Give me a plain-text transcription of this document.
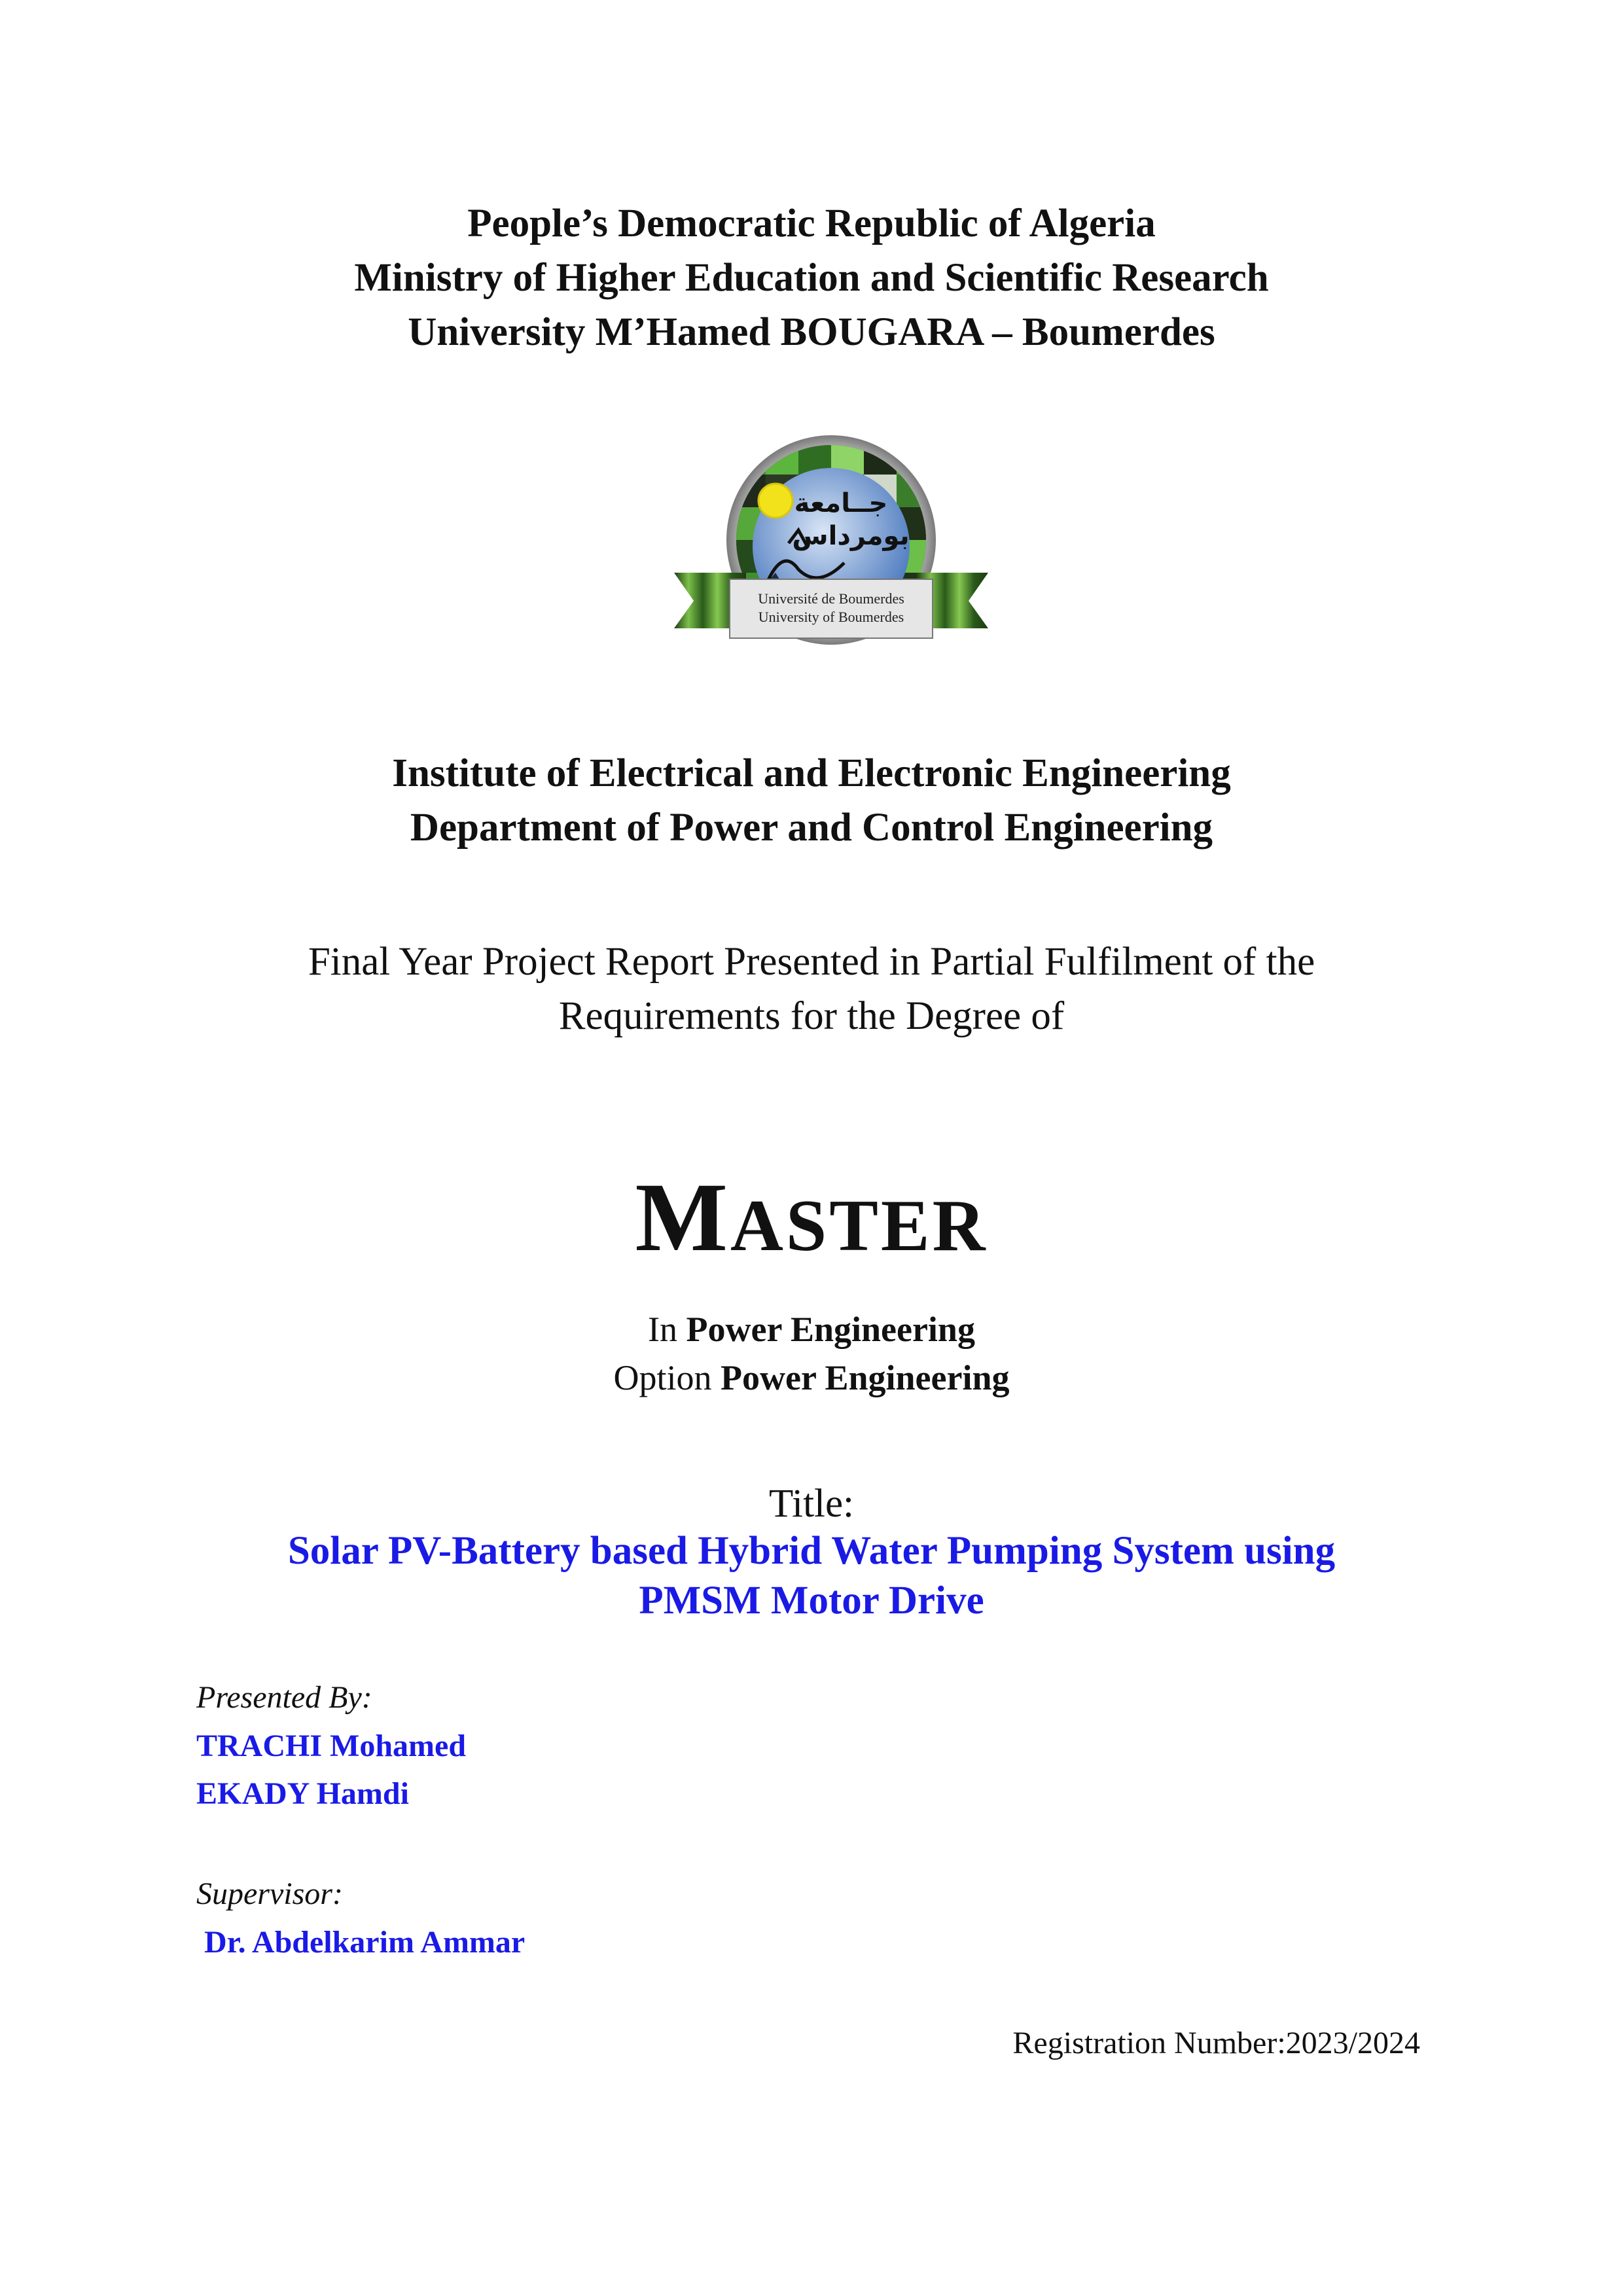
People’s Democratic Republic of Algeria
Ministry of Higher Education and Scientific Research
University M’Hamed BOUGARA – Boumerdes
جــامعة
بومرداس
Université de Boumerdes
University of Boumerdes
Institute of Electrical and Electronic Engineering
Department of Power and Control Engineering
Final Year Project Report Presented in Partial Fulfilment of the
Requirements for the Degree of
MASTER
In Power Engineering
Option Power Engineering
Title:
Solar PV-Battery based Hybrid Water Pumping System using
PMSM Motor Drive
Presented By:
TRACHI Mohamed
EKADY Hamdi
Supervisor:
Dr. Abdelkarim Ammar
Registration Number:2023/2024
